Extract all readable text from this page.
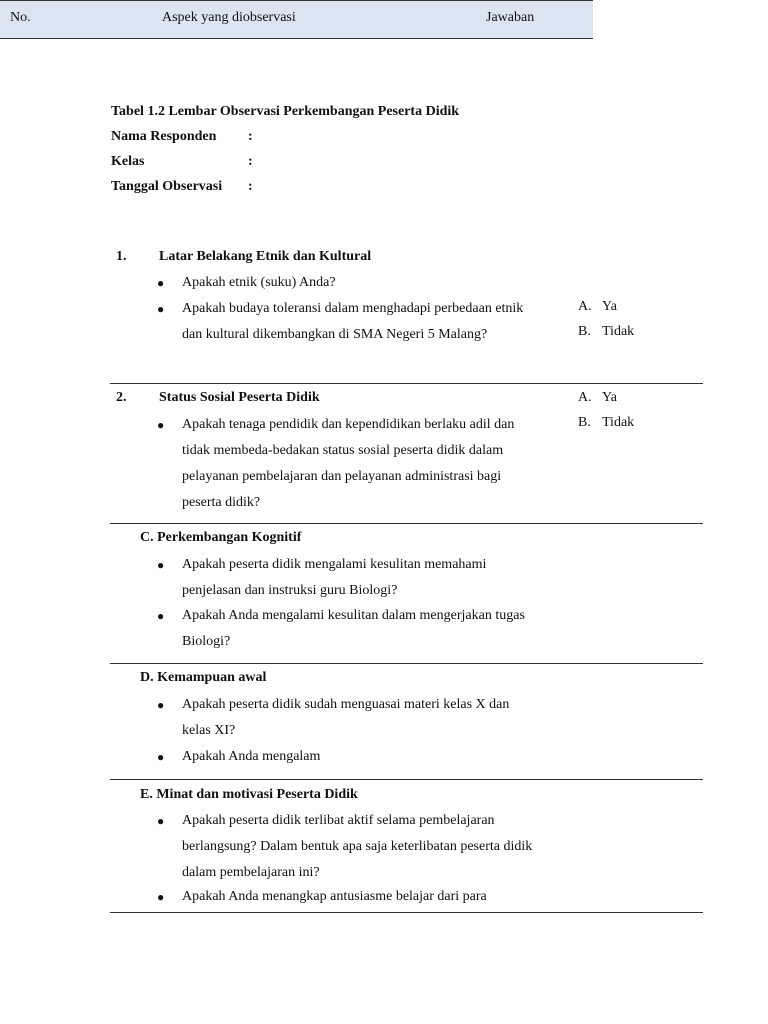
Tabel 1.2 Lembar Observasi Perkembangan Peserta Didik
Nama Responden :
Kelas	:
Tanggal Observasi :
No.	Aspek yang diobservasi	Jawaban
1. Latar Belakang Etnik dan Kultural
● Apakah etnik (suku) Anda?
● Apakah budaya toleransi dalam menghadapi perbedaan etnik dan kultural dikembangkan di SMA Negeri 5 Malang?
A. Ya
B. Tidak
2. Status Sosial Peserta Didik
● Apakah tenaga pendidik dan kependidikan berlaku adil dan tidak membeda-bedakan status sosial peserta didik dalam pelayanan pembelajaran dan pelayanan administrasi bagi peserta didik?
A. Ya
B. Tidak
C. Perkembangan Kognitif
● Apakah peserta didik mengalami kesulitan memahami penjelasan dan instruksi guru Biologi?
● Apakah Anda mengalami kesulitan dalam mengerjakan tugas Biologi?
D. Kemampuan awal
● Apakah peserta didik sudah menguasai materi kelas X dan kelas XI?
● Apakah Anda mengalam
E. Minat dan motivasi Peserta Didik
● Apakah peserta didik terlibat aktif selama pembelajaran berlangsung? Dalam bentuk apa saja keterlibatan peserta didik dalam pembelajaran ini?
● Apakah Anda menangkap antusiasme belajar dari para
